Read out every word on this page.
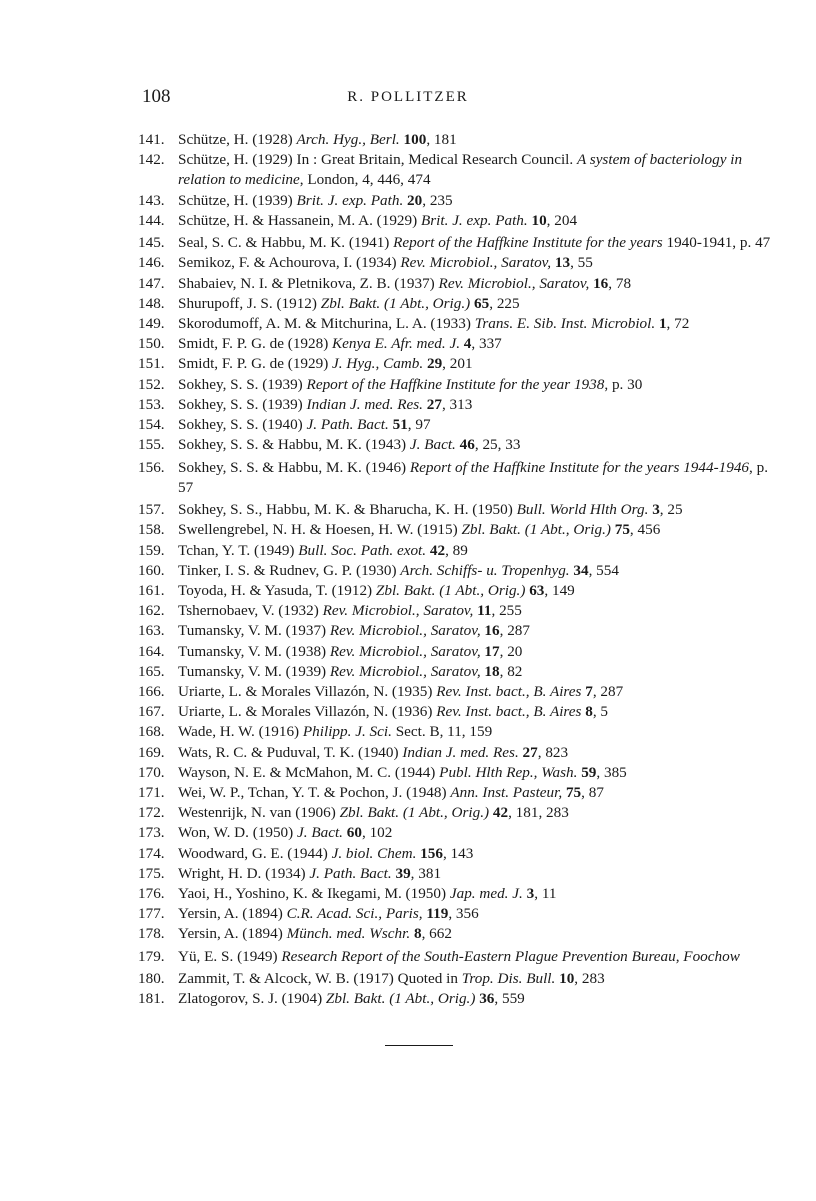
108	R. POLLITZER
141. Schütze, H. (1928) Arch. Hyg., Berl. 100, 181
142. Schütze, H. (1929) In : Great Britain, Medical Research Council. A system of bacteriology in relation to medicine, London, 4, 446, 474
143. Schütze, H. (1939) Brit. J. exp. Path. 20, 235
144. Schütze, H. & Hassanein, M. A. (1929) Brit. J. exp. Path. 10, 204
145. Seal, S. C. & Habbu, M. K. (1941) Report of the Haffkine Institute for the years 1940-1941, p. 47
146. Semikoz, F. & Achourova, I. (1934) Rev. Microbiol., Saratov, 13, 55
147. Shabaiev, N. I. & Pletnikova, Z. B. (1937) Rev. Microbiol., Saratov, 16, 78
148. Shurupoff, J. S. (1912) Zbl. Bakt. (1 Abt., Orig.) 65, 225
149. Skorodumoff, A. M. & Mitchurina, L. A. (1933) Trans. E. Sib. Inst. Microbiol. 1, 72
150. Smidt, F. P. G. de (1928) Kenya E. Afr. med. J. 4, 337
151. Smidt, F. P. G. de (1929) J. Hyg., Camb. 29, 201
152. Sokhey, S. S. (1939) Report of the Haffkine Institute for the year 1938, p. 30
153. Sokhey, S. S. (1939) Indian J. med. Res. 27, 313
154. Sokhey, S. S. (1940) J. Path. Bact. 51, 97
155. Sokhey, S. S. & Habbu, M. K. (1943) J. Bact. 46, 25, 33
156. Sokhey, S. S. & Habbu, M. K. (1946) Report of the Haffkine Institute for the years 1944-1946, p. 57
157. Sokhey, S. S., Habbu, M. K. & Bharucha, K. H. (1950) Bull. World Hlth Org. 3, 25
158. Swellengrebel, N. H. & Hoesen, H. W. (1915) Zbl. Bakt. (1 Abt., Orig.) 75, 456
159. Tchan, Y. T. (1949) Bull. Soc. Path. exot. 42, 89
160. Tinker, I. S. & Rudnev, G. P. (1930) Arch. Schiffs- u. Tropenhyg. 34, 554
161. Toyoda, H. & Yasuda, T. (1912) Zbl. Bakt. (1 Abt., Orig.) 63, 149
162. Tshernobaev, V. (1932) Rev. Microbiol., Saratov, 11, 255
163. Tumansky, V. M. (1937) Rev. Microbiol., Saratov, 16, 287
164. Tumansky, V. M. (1938) Rev. Microbiol., Saratov, 17, 20
165. Tumansky, V. M. (1939) Rev. Microbiol., Saratov, 18, 82
166. Uriarte, L. & Morales Villazón, N. (1935) Rev. Inst. bact., B. Aires 7, 287
167. Uriarte, L. & Morales Villazón, N. (1936) Rev. Inst. bact., B. Aires 8, 5
168. Wade, H. W. (1916) Philipp. J. Sci. Sect. B, 11, 159
169. Wats, R. C. & Puduval, T. K. (1940) Indian J. med. Res. 27, 823
170. Wayson, N. E. & McMahon, M. C. (1944) Publ. Hlth Rep., Wash. 59, 385
171. Wei, W. P., Tchan, Y. T. & Pochon, J. (1948) Ann. Inst. Pasteur, 75, 87
172. Westenrijk, N. van (1906) Zbl. Bakt. (1 Abt., Orig.) 42, 181, 283
173. Won, W. D. (1950) J. Bact. 60, 102
174. Woodward, G. E. (1944) J. biol. Chem. 156, 143
175. Wright, H. D. (1934) J. Path. Bact. 39, 381
176. Yaoi, H., Yoshino, K. & Ikegami, M. (1950) Jap. med. J. 3, 11
177. Yersin, A. (1894) C.R. Acad. Sci., Paris, 119, 356
178. Yersin, A. (1894) Münch. med. Wschr. 8, 662
179. Yü, E. S. (1949) Research Report of the South-Eastern Plague Prevention Bureau, Foochow
180. Zammit, T. & Alcock, W. B. (1917) Quoted in Trop. Dis. Bull. 10, 283
181. Zlatogorov, S. J. (1904) Zbl. Bakt. (1 Abt., Orig.) 36, 559
